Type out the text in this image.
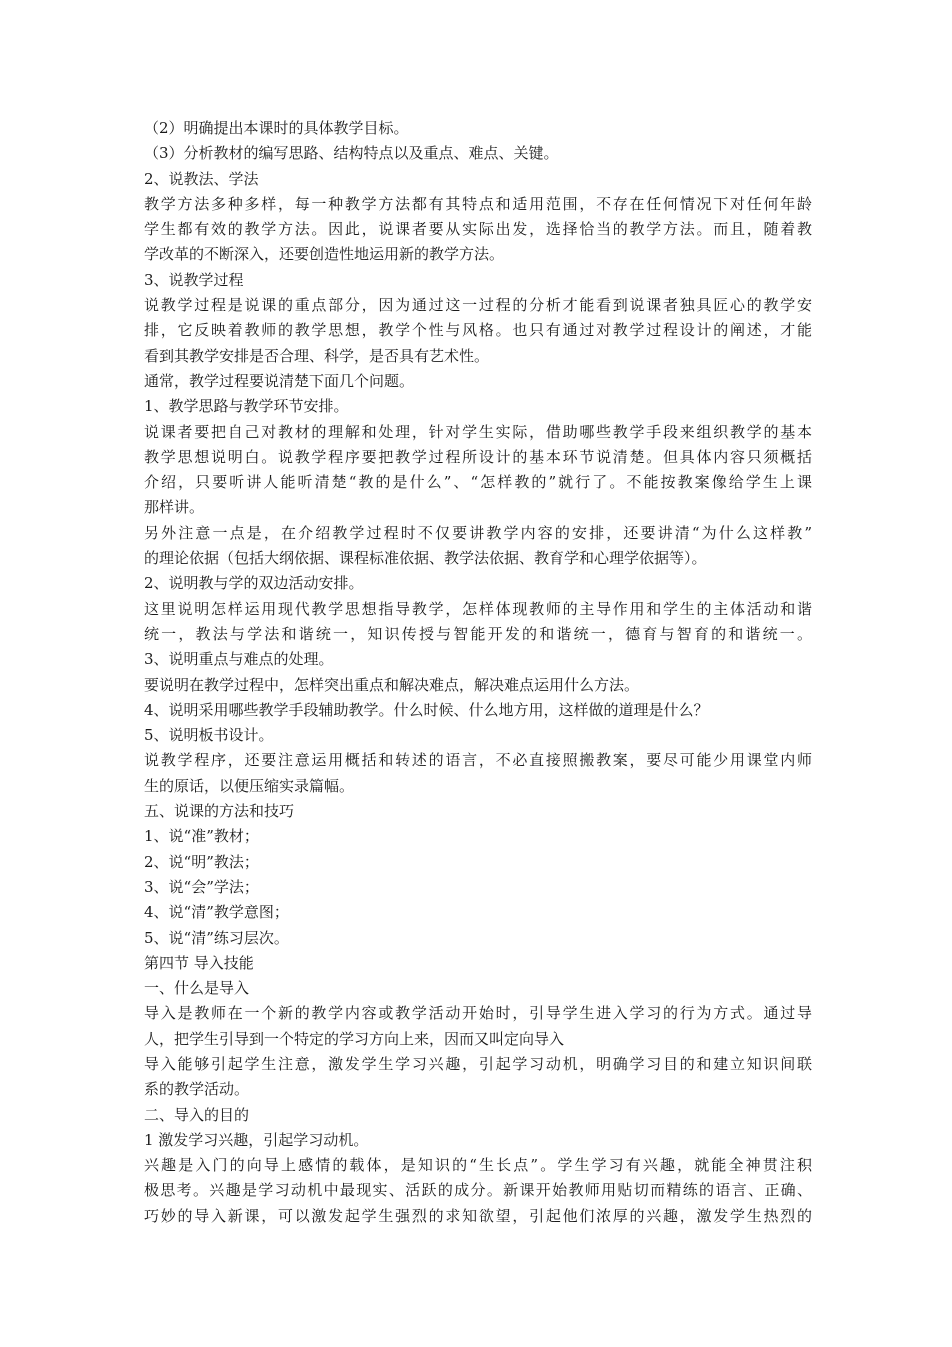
（2）明确提出本课时的具体教学目标。
（3）分析教材的编写思路、结构特点以及重点、难点、关键。
2、说教法、学法
教学方法多种多样，每一种教学方法都有其特点和适用范围，不存在任何情况下对任何年龄
学生都有效的教学方法。因此，说课者要从实际出发，选择恰当的教学方法。而且，随着教
学改革的不断深入，还要创造性地运用新的教学方法。
3、说教学过程
说教学过程是说课的重点部分，因为通过这一过程的分析才能看到说课者独具匠心的教学安
排，它反映着教师的教学思想，教学个性与风格。也只有通过对教学过程设计的阐述，才能
看到其教学安排是否合理、科学，是否具有艺术性。
通常，教学过程要说清楚下面几个问题。
1、教学思路与教学环节安排。
说课者要把自己对教材的理解和处理，针对学生实际，借助哪些教学手段来组织教学的基本
教学思想说明白。说教学程序要把教学过程所设计的基本环节说清楚。但具体内容只须概括
介绍，只要听讲人能听清楚“教的是什么”、“怎样教的”就行了。不能按教案像给学生上课
那样讲。
另外注意一点是，在介绍教学过程时不仅要讲教学内容的安排，还要讲清“为什么这样教”
的理论依据（包括大纲依据、课程标准依据、教学法依据、教育学和心理学依据等）。
2、说明教与学的双边活动安排。
这里说明怎样运用现代教学思想指导教学，怎样体现教师的主导作用和学生的主体活动和谐
统一，教法与学法和谐统一，知识传授与智能开发的和谐统一，德育与智育的和谐统一。
3、说明重点与难点的处理。
要说明在教学过程中，怎样突出重点和解决难点，解决难点运用什么方法。
4、说明采用哪些教学手段辅助教学。什么时候、什么地方用，这样做的道理是什么？
5、说明板书设计。
说教学程序，还要注意运用概括和转述的语言，不必直接照搬教案，要尽可能少用课堂内师
生的原话，以便压缩实录篇幅。
五、说课的方法和技巧
1、说“准”教材；
2、说“明”教法；
3、说“会”学法；
4、说“清”教学意图；
5、说“清”练习层次。
第四节 导入技能
一、什么是导入
导入是教师在一个新的教学内容或教学活动开始时，引导学生进入学习的行为方式。通过导
人，把学生引导到一个特定的学习方向上来，因而又叫定向导入
导入能够引起学生注意，激发学生学习兴趣，引起学习动机，明确学习目的和建立知识间联
系的教学活动。
二、导入的目的
1 激发学习兴趣，引起学习动机。
兴趣是入门的向导上感情的载体，是知识的“生长点”。学生学习有兴趣，就能全神贯注积
极思考。兴趣是学习动机中最现实、活跃的成分。新课开始教师用贴切而精练的语言、正确、
巧妙的导入新课，可以激发起学生强烈的求知欲望，引起他们浓厚的兴趣，激发学生热烈的
